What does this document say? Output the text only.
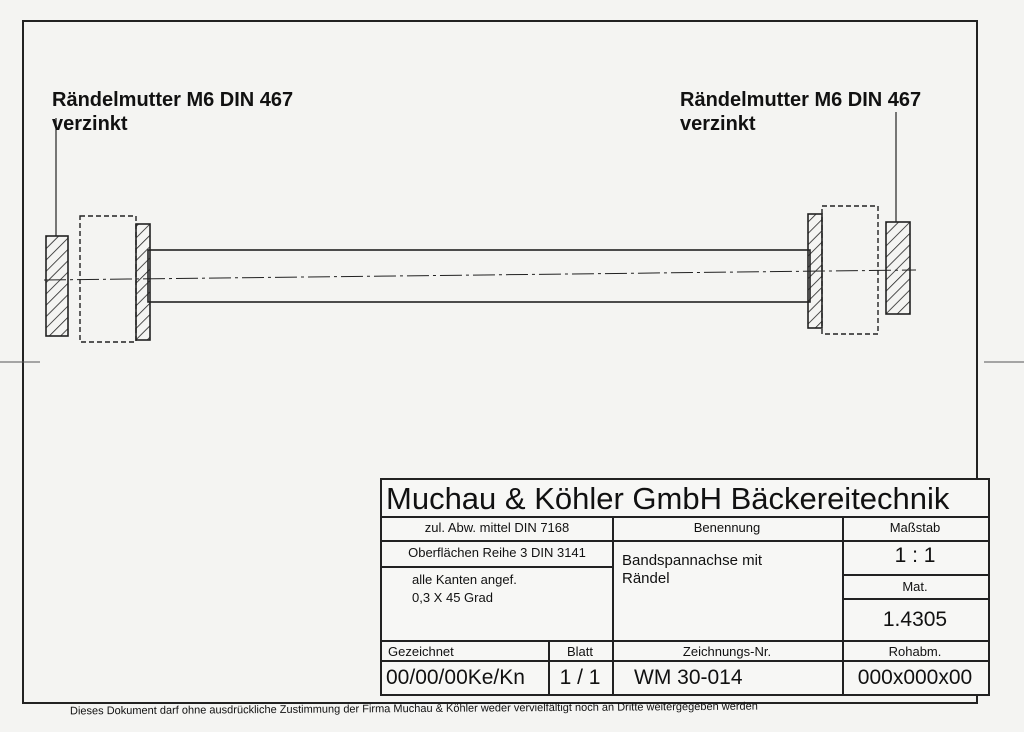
Rändelmutter M6 DIN 467
verzinkt
Rändelmutter M6 DIN 467
verzinkt
Muchau & Köhler GmbH Bäckereitechnik
zul. Abw. mittel DIN 7168
Oberflächen Reihe 3 DIN 3141
alle Kanten angef.
0,3 X 45 Grad
Benennung
Bandspannachse mit
Rändel
Maßstab
1 : 1
Mat.
1.4305
Gezeichnet	Blatt	Zeichnungs-Nr.	Rohabm.
00/00/00Ke/Kn	1 / 1	WM 30-014	000x000x00
Dieses Dokument darf ohne ausdrückliche Zustimmung der Firma Muchau & Köhler weder vervielfältigt noch an Dritte weitergegeben werden
